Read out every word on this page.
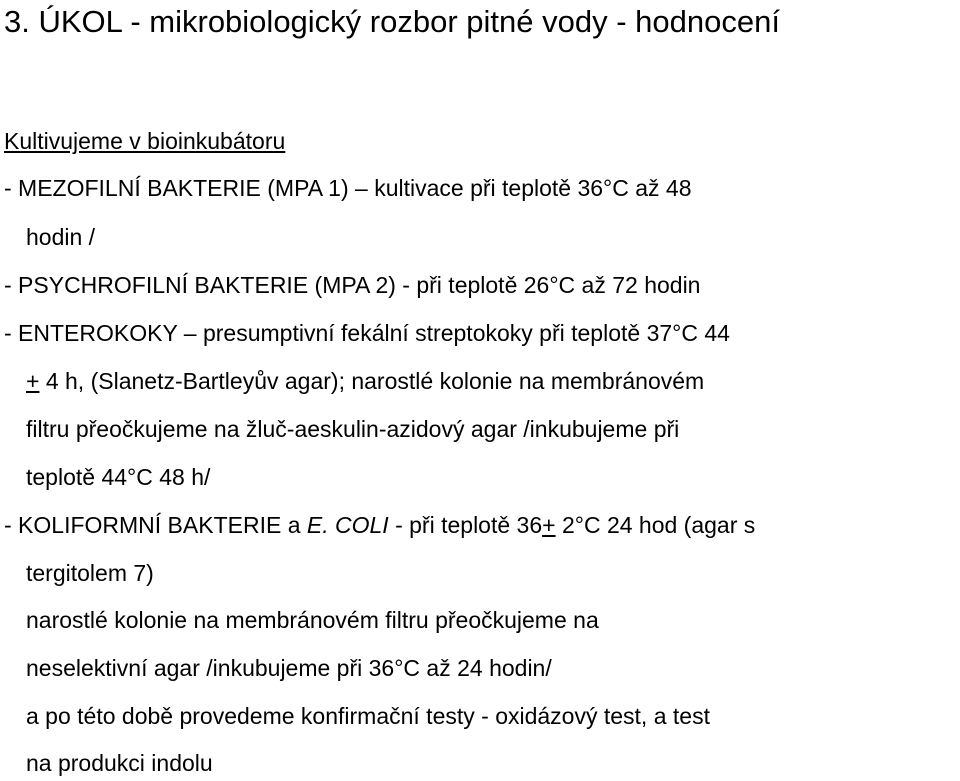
3. ÚKOL - mikrobiologický rozbor pitné vody - hodnocení
Kultivujeme v bioinkubátoru
- MEZOFILNÍ BAKTERIE (MPA 1) – kultivace při teplotě 36°C až 48
hodin /
- PSYCHROFILNÍ BAKTERIE (MPA 2) - při teplotě 26°C až 72 hodin
- ENTEROKOKY – presumptivní fekální streptokoky při teplotě 37°C 44
+ 4 h, (Slanetz-Bartleyův agar); narostlé kolonie na membránovém
filtru přeočkujeme na žluč-aeskulin-azidový agar /inkubujeme při
teplotě 44°C 48 h/
- KOLIFORMNÍ BAKTERIE a E. COLI - při teplotě 36+ 2°C 24 hod (agar s
tergitolem 7)
narostlé kolonie na membránovém filtru přeočkujeme na
neselektivní agar /inkubujeme při 36°C až 24 hodin/
a po této době provedeme konfirmační testy - oxidázový test, a test
na produkci indolu
